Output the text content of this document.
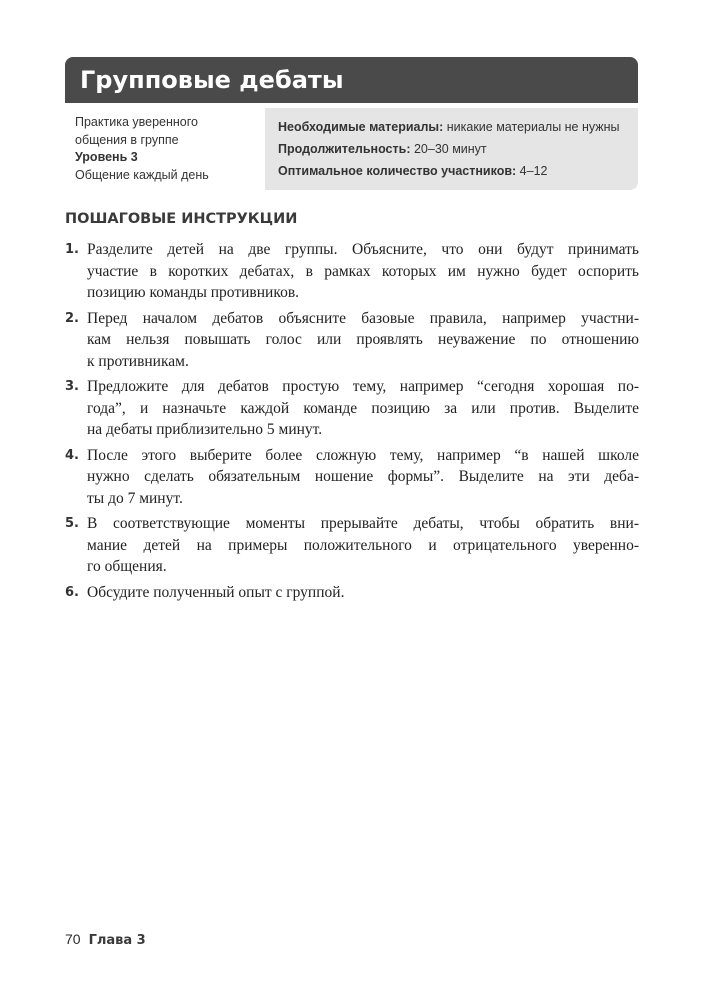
Групповые дебаты
Практика уверенного
общения в группе
Уровень 3
Общение каждый день
Необходимые материалы: никакие материалы не нужны
Продолжительность: 20–30 минут
Оптимальное количество участников: 4–12
ПОШАГОВЫЕ ИНСТРУКЦИИ
1. Разделите детей на две группы. Объясните, что они будут принимать
участие в коротких дебатах, в рамках которых им нужно будет оспорить
позицию команды противников.
2. Перед началом дебатов объясните базовые правила, например участни-
кам нельзя повышать голос или проявлять неуважение по отношению
к противникам.
3. Предложите для дебатов простую тему, например “сегодня хорошая по-
года”, и назначьте каждой команде позицию за или против. Выделите
на дебаты приблизительно 5 минут.
4. После этого выберите более сложную тему, например “в нашей школе
нужно сделать обязательным ношение формы”. Выделите на эти деба-
ты до 7 минут.
5. В соответствующие моменты прерывайте дебаты, чтобы обратить вни-
мание детей на примеры положительного и отрицательного уверенно-
го общения.
6. Обсудите полученный опыт с группой.
70 Глава 3
